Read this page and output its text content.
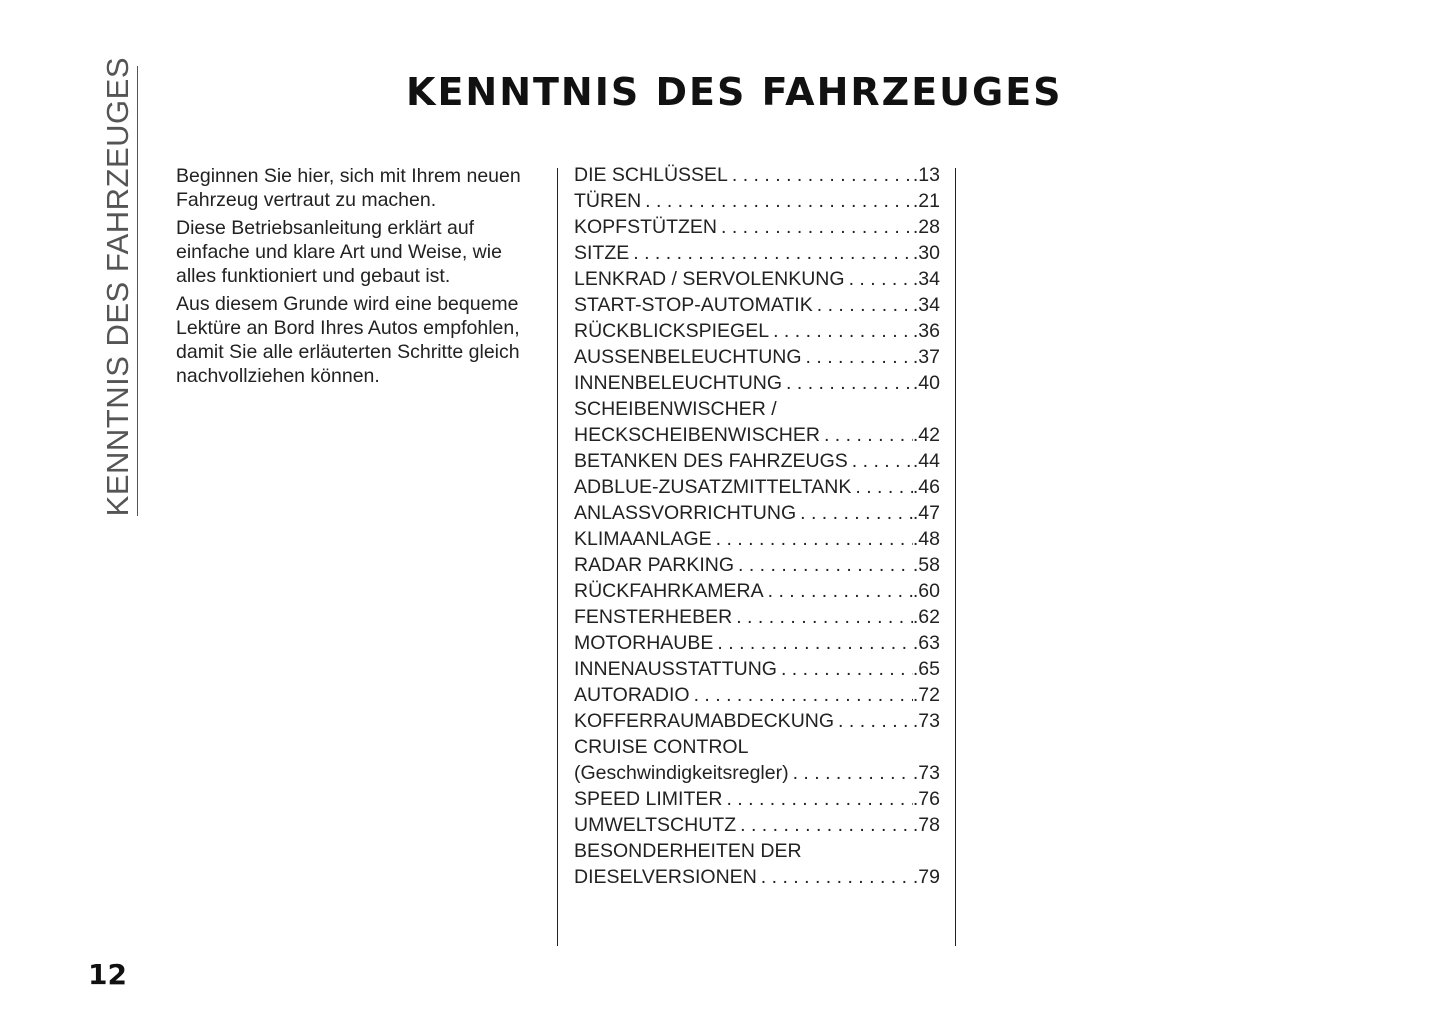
KENNTNIS DES FAHRZEUGES	KENNTNIS DES FAHRZEUGES

Beginnen Sie hier, sich mit Ihrem neuen Fahrzeug vertraut zu machen.

Diese Betriebsanleitung erklärt auf einfache und klare Art und Weise, wie alles funktioniert und gebaut ist.

Aus diesem Grunde wird eine bequeme Lektüre an Bord Ihres Autos empfohlen, damit Sie alle erläuterten Schritte gleich nachvollziehen können.

DIE SCHLÜSSEL . . .	.13
TÜREN . . .	.21
KOPFSTÜTZEN . . .	.28
SITZE . . .	.30
LENKRAD / SERVOLENKUNG . . .	.34
START-STOP-AUTOMATIK . . .	.34
RÜCKBLICKSPIEGEL . . .	.36
AUSSENBELEUCHTUNG . . .	.37
INNENBELEUCHTUNG . . .	.40
SCHEIBENWISCHER /
HECKSCHEIBENWISCHER . . .	.42
BETANKEN DES FAHRZEUGS . . .	.44
ADBLUE-ZUSATZMITTELTANK . . .	.46
ANLASSVORRICHTUNG . . .	.47
KLIMAANLAGE . . .	.48
RADAR PARKING . . .	.58
RÜCKFAHRKAMERA . . .	.60
FENSTERHEBER . . .	.62
MOTORHAUBE . . .	.63
INNENAUSSTATTUNG . . .	.65
AUTORADIO . . .	.72
KOFFERRAUMABDECKUNG . . .	.73
CRUISE CONTROL
(Geschwindigkeitsregler) . . .	.73
SPEED LIMITER . . .	.76
UMWELTSCHUTZ . . .	.78
BESONDERHEITEN DER
DIESELVERSIONEN . . .	.79
12
